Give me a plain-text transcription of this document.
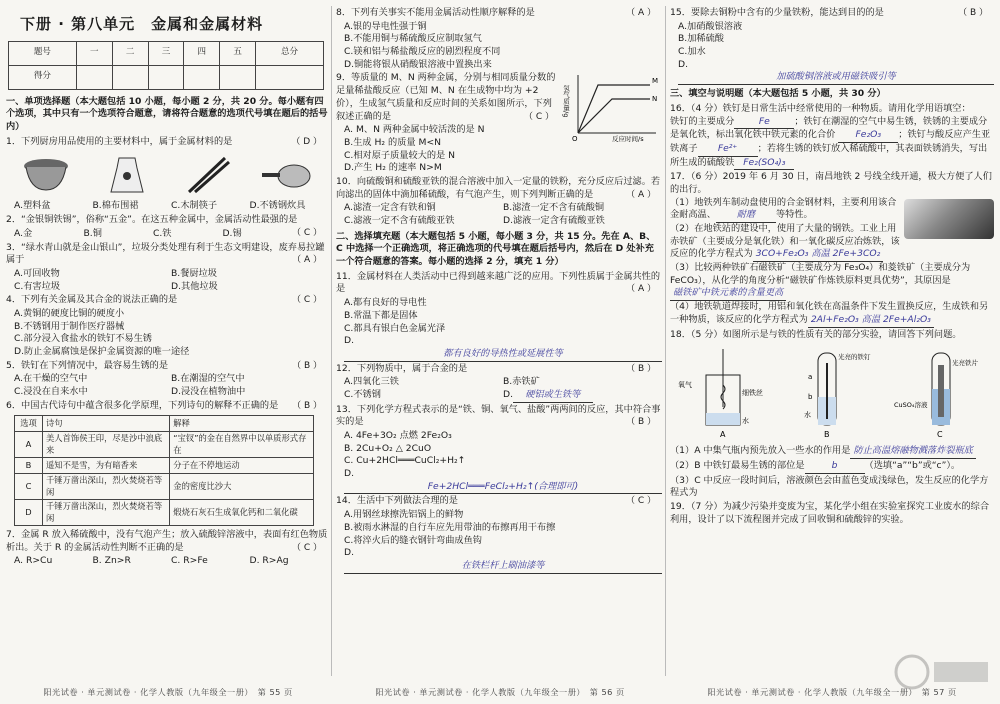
下册 · 第八单元　金属和金属材料
题号	一	二	三	四	五	总分
得分						
一、单项选择题（本大题包括 10 小题，每小题 2 分，共 20 分。每小题有四个选项，其中只有一个选项符合题意，请将符合题意的选项代号填在题后的括号内）
1．下列厨房用品使用的主要材料中，属于金属材料的是	（ D ）
A.塑料盆	B.棉布围裙	C.木制筷子	D.不锈钢炊具
2．“金银铜铁锡”，俗称“五金”。在这五种金属中，金属活动性最强的是
（ C ）
A.金	B.铜	C.铁	D.锡
3．“绿水青山就是金山银山”，垃圾分类处理有利于生态文明建设，废弃易拉罐属于	（ A ）
A.可回收物	B.餐厨垃圾
C.有害垃圾	D.其他垃圾
4．下列有关金属及其合金的说法正确的是	（ C ）
A.黄铜的硬度比铜的硬度小
B.不锈钢用于制作医疗器械
C.部分浸入食盐水的铁钉不易生锈
D.防止金属腐蚀是保护金属资源的唯一途径
5．铁钉在下列情况中，最容易生锈的是	（ B ）
A.在干燥的空气中	B.在潮湿的空气中
C.浸没在自来水中	D.浸没在植物油中
6．中国古代诗句中蕴含很多化学原理，下列诗句的解释不正确的是 （ B ）
选项	诗句	解释
A	美人首饰侯王印，尽是沙中浪底来	“宝钗”的金在自然界中以单质形式存在
B	遥知不是雪，为有暗香来	分子在不停地运动
C	千锤万凿出深山，烈火焚烧若等闲	金的密度比沙大
D	千锤万凿出深山，烈火焚烧若等闲	煅烧石灰石生成氧化钙和二氧化碳
7．金属 R 放入稀硫酸中，没有气泡产生；放入硫酸锌溶液中，表面有红色物质析出。关于 R 的金属活动性判断不正确的是	（ C ）
A. R>Cu	B. Zn>R	C. R>Fe	D. R>Ag
8．下列有关事实不能用金属活动性顺序解释的是	（ A ）
A.银的导电性强于铜
B.不能用铜与稀硫酸反应制取氢气
C.镁和铝与稀盐酸反应的剧烈程度不同
D.铜能将银从硝酸银溶液中置换出来
M
N
O	反应时间/s
氢气质量/g
9．等质量的 M、N 两种金属，分别与相同质量分数的足量稀盐酸反应（已知 M、N 在生成物中均为 +2 价），生成氢气质量和反应时间的关系如图所示，下列叙述正确的是	（ C ）
A. M、N 两种金属中较活泼的是 N
B.生成 H₂ 的质量 M<N
C.相对原子质量较大的是 N
D.产生 H₂ 的速率 N>M
10．向硫酸铜和硫酸亚铁的混合溶液中加入一定量的铁粉，充分反应后过滤。若向滤出的固体中滴加稀硫酸，有气泡产生，则下列判断正确的是	（ A ）
A.滤渣一定含有铁和铜	B.滤渣一定不含有硫酸铜
C.滤液一定不含有硫酸亚铁	D.滤液一定含有硫酸亚铁
二、选择填充题（本大题包括 5 小题，每小题 3 分，共 15 分。先在 A、B、C 中选择一个正确选项，将正确选项的代号填在题后括号内，然后在 D 处补充一个符合题意的答案。每小题的选择 2 分，填充 1 分）
11．金属材料在人类活动中已得到越来越广泛的应用。下列性质属于金属共性的是	（ A ）
A.都有良好的导电性
B.常温下都是固体
C.都具有银白色金属光泽
D.都有良好的导热性或延展性等
12．下列物质中，属于合金的是	（ B ）
A.四氧化三铁	B.赤铁矿
C.不锈钢	D. 硬铝或生铁等
13．下列化学方程式表示的是“铁、铜、氧气、盐酸”两两间的反应，其中符合事实的是	（ B ）
A. 4Fe+3O₂ 点燃 2Fe₂O₃
B. 2Cu+O₂ △ 2CuO
C. Cu+2HCl═══CuCl₂+H₂↑
D.Fe+2HCl═══FeCl₂+H₂↑(合理即可)
14．生活中下列做法合理的是	（ C ）
A.用钢丝球擦洗铝锅上的鲜物
B.被雨水淋湿的自行车应先用带油的布擦再用干布擦
C.将淬火后的缝衣钢针弯曲成鱼钩
D.在铁栏杆上刷油漆等
15．要除去铜粉中含有的少量铁粉，能达到目的的是	（ B ）
A.加硝酸银溶液
B.加稀硫酸
C.加水
D.加硫酸铜溶液或用磁铁吸引等
三、填空与说明题（本大题包括 5 小题，共 30 分）
16．（4 分）铁钉是日常生活中经常使用的一种物质。请用化学用语填空：
铁钉的主要成分	Fe	；铁钉在潮湿的空气中易生锈，铁锈的主要成分是氧化铁，标出氧化铁中铁元素的化合价 Fe₂O₃ ；铁钉与酸反应产生亚铁离子 Fe²⁺ ；若将生锈的铁钉放入稀硫酸中，其表面铁锈消失，写出所生成的硫酸铁 Fe₂(SO₄)₃
17．（6 分）2019 年 6 月 30 日，南昌地铁 2 号线全线开通，极大方便了人们的出行。

（1）地铁列车制动盘使用的合金钢材料，主要利用该合金耐高温、 耐磨 等特性。
（2）在地铁站的建设中，使用了大量的钢铁。工业上用赤铁矿（主要成分是氧化铁）和一氧化碳反应冶炼铁，该反应的化学方程式为 3CO+Fe₂O₃ 高温 2Fe+3CO₂
（3）比较两种铁矿石磁铁矿（主要成分为 Fe₃O₄）和菱铁矿（主要成分为 FeCO₃），从化学的角度分析“磁铁矿作炼铁原料更具优势”，其原因是磁铁矿中铁元素的含量更高
（4）地铁轨道焊接时，用铝和氧化铁在高温条件下发生置换反应，生成铁和另一种物质，该反应的化学方程式为 2Al+Fe₂O₃ 高温 2Fe+Al₂O₃
18．（5 分）如图所示是与铁的性质有关的部分实验，请回答下列问题。
氧气
细铁丝
水
A
光亮的铁钉
a
b
水
B
光亮铁片
CuSO₄溶液
C
（1）A 中集气瓶内预先放入一些水的作用是 防止高温熔融物溅落炸裂瓶底
（2）B 中铁钉最易生锈的部位是	b	（选填“a”“b”或“c”）。
（3）C 中反应一段时间后，溶液颜色会由蓝色变成浅绿色，发生反应的化学方程式为
19．（7 分）为减少污染并变废为宝，某化学小组在实验室探究工业废水的综合利用，设计了以下流程图并完成了回收铜和硫酸锌的实验。
阳光试卷 · 单元测试卷 · 化学人教版（九年级全一册）　第 55 页	阳光试卷 · 单元测试卷 · 化学人教版（九年级全一册）　第 56 页	阳光试卷 · 单元测试卷 · 化学人教版（九年级全一册）　第 57 页
